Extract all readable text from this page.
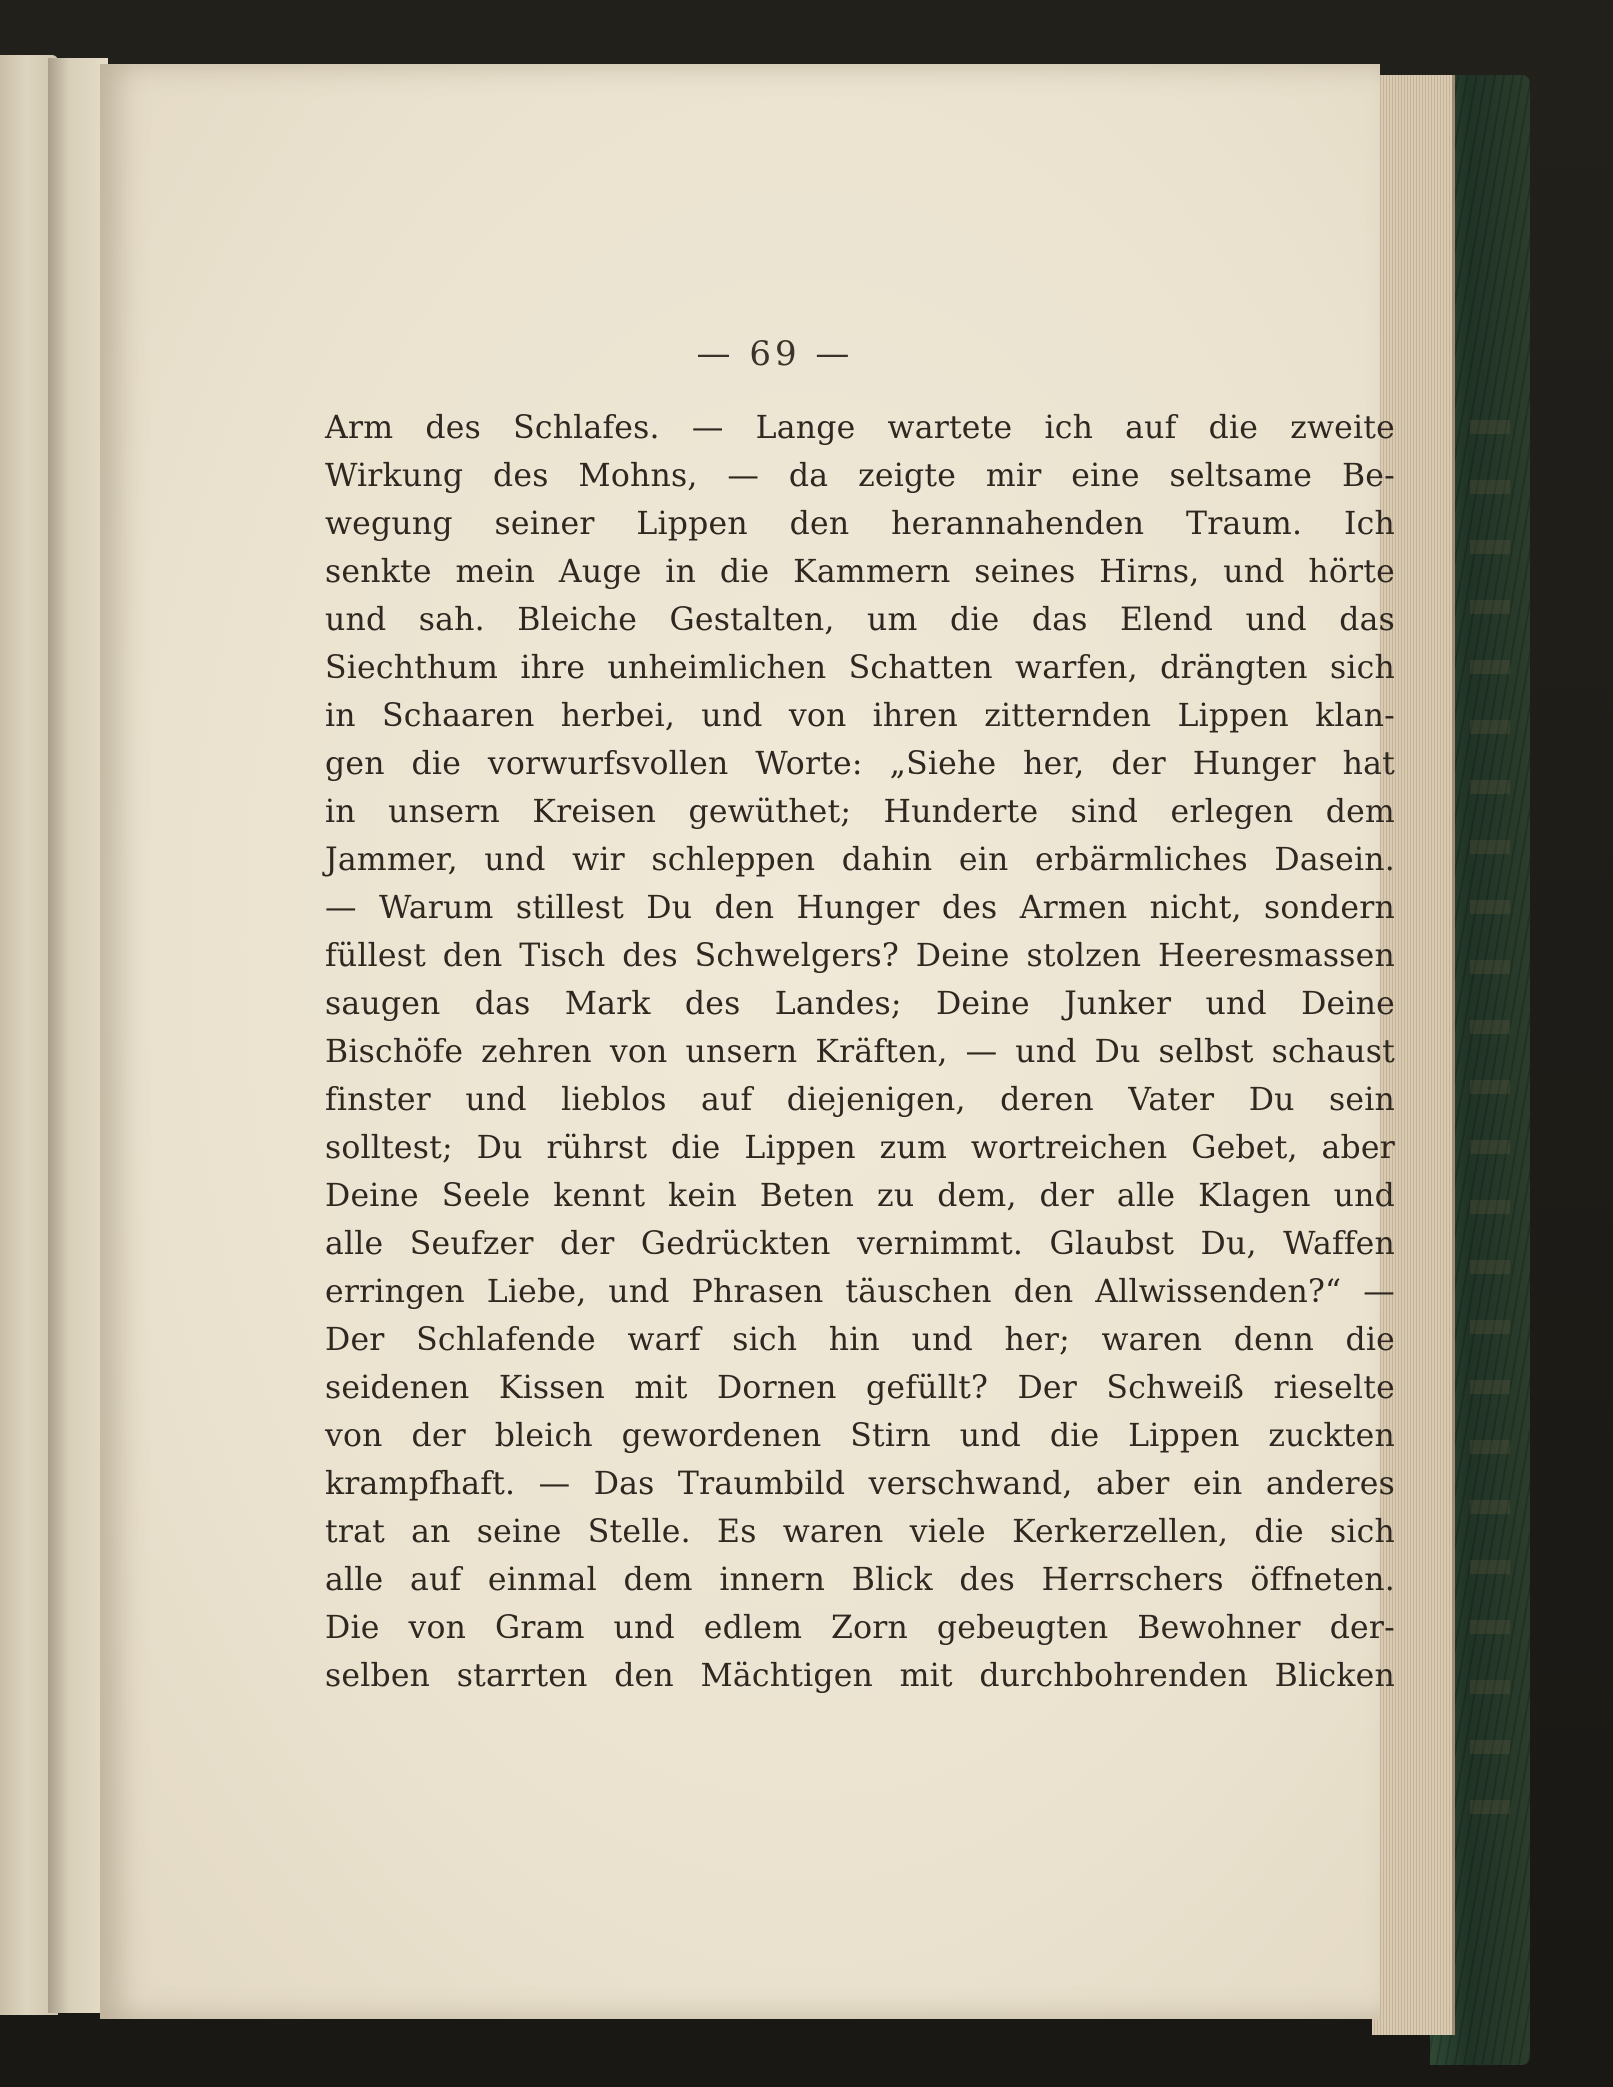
— 69 —
Arm des Schlafes. — Lange wartete ich auf die zweite
Wirkung des Mohns, — da zeigte mir eine seltsame Be-
wegung seiner Lippen den herannahenden Traum. Ich
senkte mein Auge in die Kammern seines Hirns, und hörte
und sah. Bleiche Gestalten, um die das Elend und das
Siechthum ihre unheimlichen Schatten warfen, drängten sich
in Schaaren herbei, und von ihren zitternden Lippen klan-
gen die vorwurfsvollen Worte: „Siehe her, der Hunger hat
in unsern Kreisen gewüthet; Hunderte sind erlegen dem
Jammer, und wir schleppen dahin ein erbärmliches Dasein.
— Warum stillest Du den Hunger des Armen nicht, sondern
füllest den Tisch des Schwelgers? Deine stolzen Heeresmassen
saugen das Mark des Landes; Deine Junker und Deine
Bischöfe zehren von unsern Kräften, — und Du selbst schaust
finster und lieblos auf diejenigen, deren Vater Du sein
solltest; Du rührst die Lippen zum wortreichen Gebet, aber
Deine Seele kennt kein Beten zu dem, der alle Klagen und
alle Seufzer der Gedrückten vernimmt. Glaubst Du, Waffen
erringen Liebe, und Phrasen täuschen den Allwissenden?“ —
Der Schlafende warf sich hin und her; waren denn die
seidenen Kissen mit Dornen gefüllt? Der Schweiß rieselte
von der bleich gewordenen Stirn und die Lippen zuckten
krampfhaft. — Das Traumbild verschwand, aber ein anderes
trat an seine Stelle. Es waren viele Kerkerzellen, die sich
alle auf einmal dem innern Blick des Herrschers öffneten.
Die von Gram und edlem Zorn gebeugten Bewohner der-
selben starrten den Mächtigen mit durchbohrenden Blicken
